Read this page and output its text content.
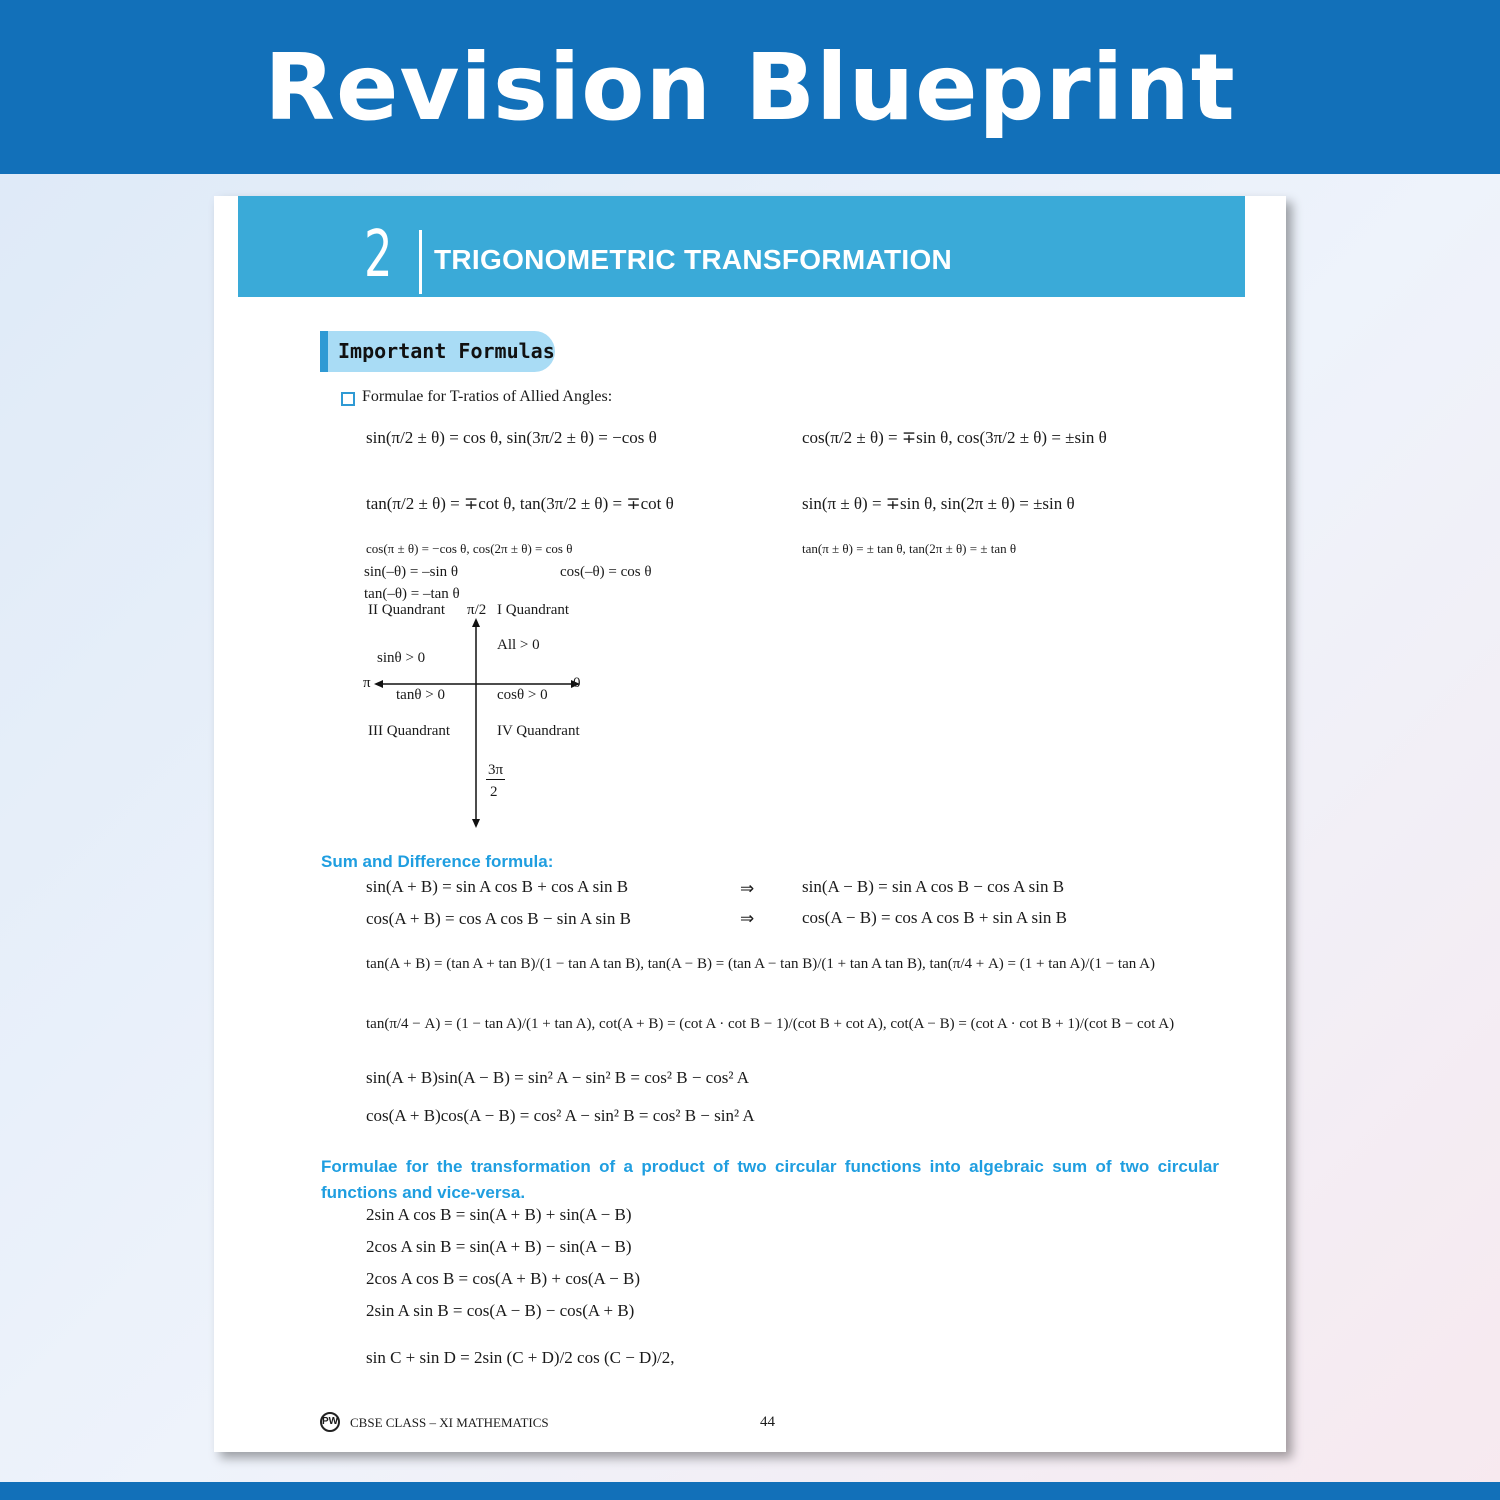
Revision Blueprint
2 TRIGONOMETRIC TRANSFORMATION
Important Formulas
Formulae for T-ratios of Allied Angles:
sin(π/2 ± θ) = cos θ, sin(3π/2 ± θ) = −cos θ	cos(π/2 ± θ) = ∓sin θ, cos(3π/2 ± θ) = ±sin θ
tan(π/2 ± θ) = ∓cot θ, tan(3π/2 ± θ) = ∓cot θ	sin(π ± θ) = ∓sin θ, sin(2π ± θ) = ±sin θ
cos(π ± θ) = −cos θ, cos(2π ± θ) = cos θ	tan(π ± θ) = ± tan θ, tan(2π ± θ) = ± tan θ
sin(–θ) = –sin θ	cos(–θ) = cos θ
tan(–θ) = –tan θ
II Quandrant π/2 I Quandrant
All > 0
sinθ > 0
π	0
tanθ > 0	cosθ > 0
III Quandrant	IV Quandrant
3π
2
Sum and Difference formula:
sin(A + B) = sin A cos B + cos A sin B	⇒	sin(A − B) = sin A cos B − cos A sin B
cos(A + B) = cos A cos B − sin A sin B	⇒	cos(A − B) = cos A cos B + sin A sin B
tan(A + B) = (tan A + tan B)/(1 − tan A tan B), tan(A − B) = (tan A − tan B)/(1 + tan A tan B), tan(π/4 + A) = (1 + tan A)/(1 − tan A)
tan(π/4 − A) = (1 − tan A)/(1 + tan A), cot(A + B) = (cot A · cot B − 1)/(cot B + cot A), cot(A − B) = (cot A · cot B + 1)/(cot B − cot A)
sin(A + B)sin(A − B) = sin² A − sin² B = cos² B − cos² A
cos(A + B)cos(A − B) = cos² A − sin² B = cos² B − sin² A
Formulae for the transformation of a product of two circular functions into algebraic sum of two circular functions and vice-versa.
2sin A cos B = sin(A + B) + sin(A − B)
2cos A sin B = sin(A + B) − sin(A − B)
2cos A cos B = cos(A + B) + cos(A − B)
2sin A sin B = cos(A − B) − cos(A + B)
sin C + sin D = 2sin (C + D)/2 cos (C − D)/2,
PW CBSE CLASS – XI MATHEMATICS	44
